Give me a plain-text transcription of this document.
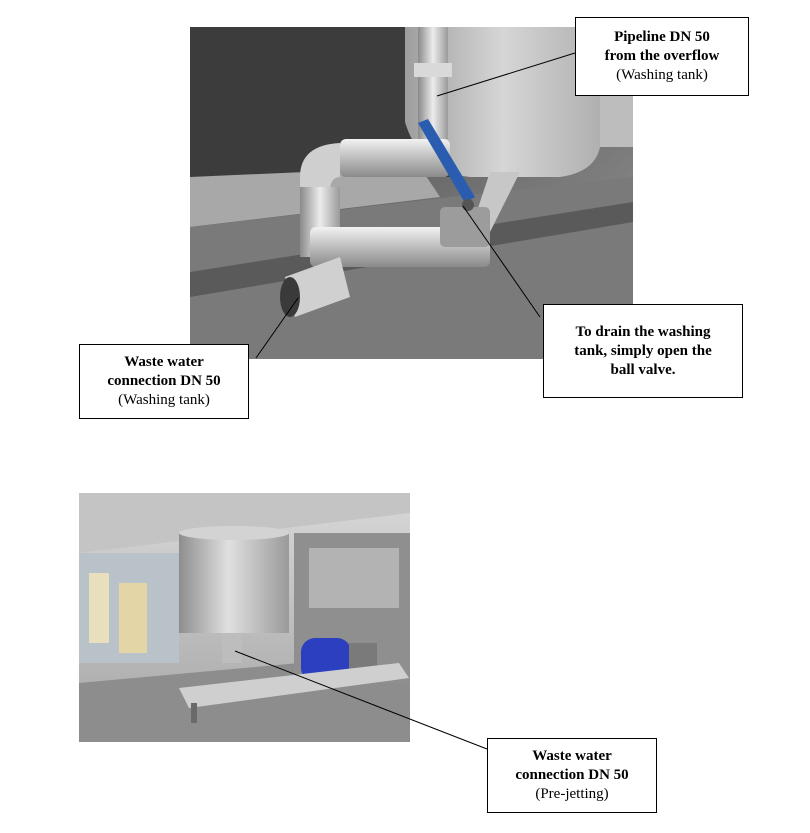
Pipeline DN 50
from the overflow
(Washing tank)
To drain the washing
tank, simply open the
ball valve.
Waste water
connection DN 50
(Washing tank)
Waste water
connection DN 50
(Pre-jetting)
